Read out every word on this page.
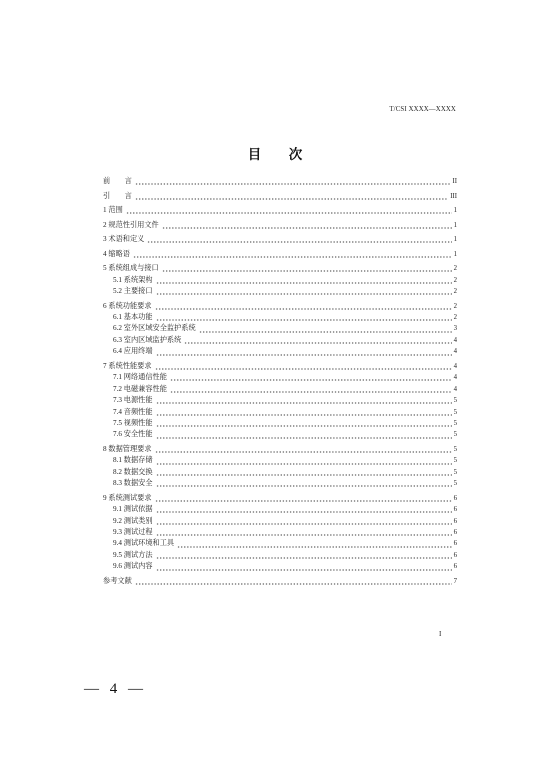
T/CSI XXXX—XXXX
目　次
前　　言	II
引　　言	III
1 范围	1
2 规范性引用文件	1
3 术语和定义	1
4 缩略语	1
5 系统组成与接口	2
5.1 系统架构	2
5.2 主要接口	2
6 系统功能要求	2
6.1 基本功能	2
6.2 室外区域安全监护系统	3
6.3 室内区域监护系统	4
6.4 应用终端	4
7 系统性能要求	4
7.1 网络通信性能	4
7.2 电磁兼容性能	4
7.3 电源性能	5
7.4 音频性能	5
7.5 视频性能	5
7.6 安全性能	5
8 数据管理要求	5
8.1 数据存储	5
8.2 数据交换	5
8.3 数据安全	5
9 系统测试要求	6
9.1 测试依据	6
9.2 测试类别	6
9.3 测试过程	6
9.4 测试环境和工具	6
9.5 测试方法	6
9.6 测试内容	6
参考文献	7
I
— 4 —
